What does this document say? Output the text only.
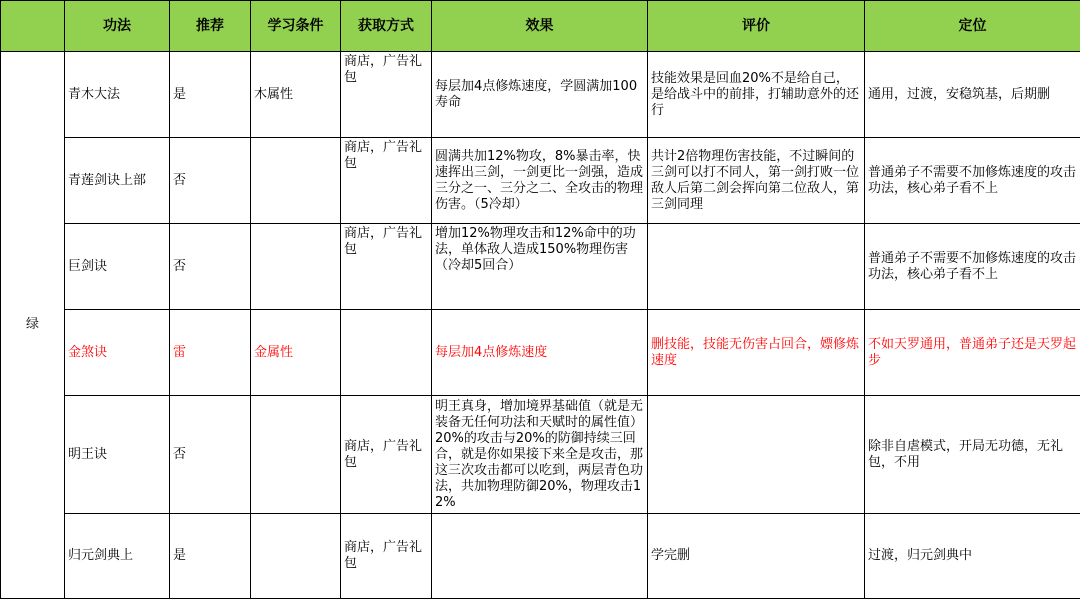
	功法	推荐	学习条件	获取方式	效果	评价	定位
绿	青木大法	是	木属性	商店，广告礼包	每层加4点修炼速度，学圆满加100寿命	技能效果是回血20%不是给自己，是给战斗中的前排，打辅助意外的还行	通用，过渡，安稳筑基，后期删
	青莲剑诀上部	否		商店，广告礼包	圆满共加12%物攻，8%暴击率，快速挥出三剑，一剑更比一剑强，造成三分之一、三分之二、全攻击的物理伤害。（5冷却）	共计2倍物理伤害技能，不过瞬间的三剑可以打不同人，第一剑打败一位敌人后第二剑会挥向第二位敌人，第三剑同理	普通弟子不需要不加修炼速度的攻击功法，核心弟子看不上
	巨剑诀	否		商店，广告礼包	增加12%物理攻击和12%命中的功法，单体敌人造成150%物理伤害（冷却5回合）		普通弟子不需要不加修炼速度的攻击功法，核心弟子看不上
	金煞诀	雷	金属性		每层加4点修炼速度	删技能，技能无伤害占回合，嫖修炼速度	不如天罗通用，普通弟子还是天罗起步
	明王诀	否		商店，广告礼包	明王真身，增加境界基础值（就是无装备无任何功法和天赋时的属性值）20%的攻击与20%的防御持续三回合，就是你如果接下来全是攻击，那这三次攻击都可以吃到，两层青色功法，共加物理防御20%，物理攻击12%		除非自虐模式，开局无功德，无礼包，不用
	归元剑典上	是		商店，广告礼包		学完删	过渡，归元剑典中
